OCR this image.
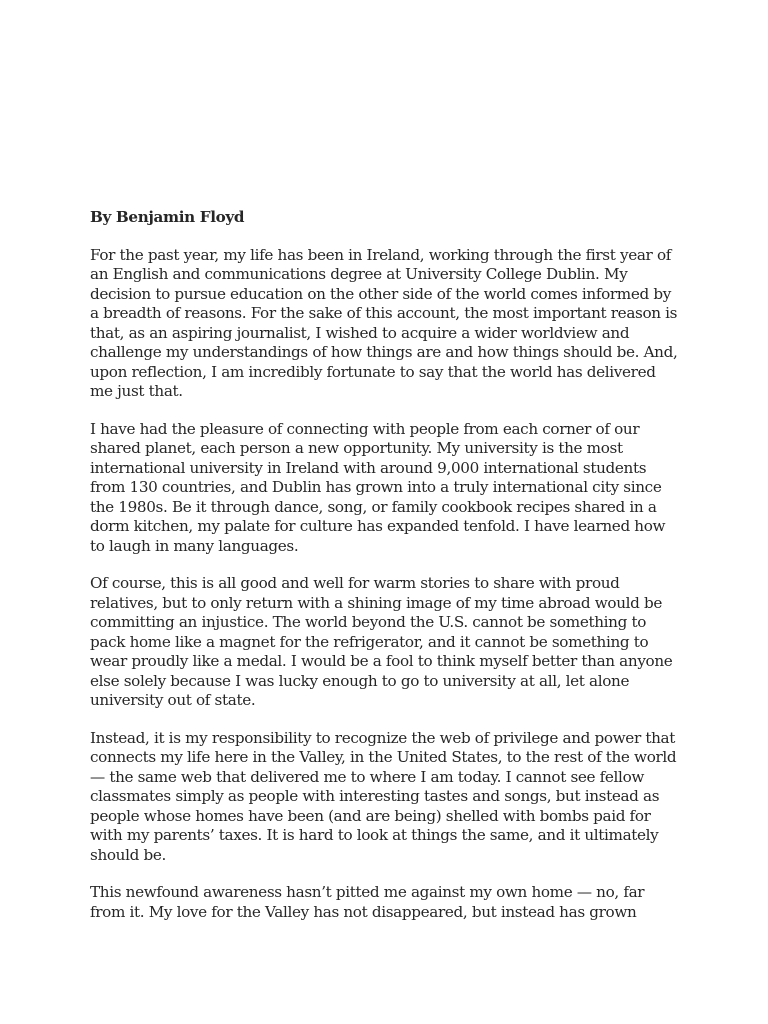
By Benjamin Floyd

For the past year, my life has been in Ireland, working through the first year of an English and communications degree at University College Dublin. My decision to pursue education on the other side of the world comes informed by a breadth of reasons. For the sake of this account, the most important reason is that, as an aspiring journalist, I wished to acquire a wider worldview and challenge my understandings of how things are and how things should be. And, upon reflection, I am incredibly fortunate to say that the world has delivered me just that.

I have had the pleasure of connecting with people from each corner of our shared planet, each person a new opportunity. My university is the most international university in Ireland with around 9,000 international students from 130 countries, and Dublin has grown into a truly international city since the 1980s. Be it through dance, song, or family cookbook recipes shared in a dorm kitchen, my palate for culture has expanded tenfold. I have learned how to laugh in many languages.

Of course, this is all good and well for warm stories to share with proud relatives, but to only return with a shining image of my time abroad would be committing an injustice. The world beyond the U.S. cannot be something to pack home like a magnet for the refrigerator, and it cannot be something to wear proudly like a medal. I would be a fool to think myself better than anyone else solely because I was lucky enough to go to university at all, let alone university out of state.

Instead, it is my responsibility to recognize the web of privilege and power that connects my life here in the Valley, in the United States, to the rest of the world — the same web that delivered me to where I am today. I cannot see fellow classmates simply as people with interesting tastes and songs, but instead as people whose homes have been (and are being) shelled with bombs paid for with my parents’ taxes. It is hard to look at things the same, and it ultimately should be.

This newfound awareness hasn’t pitted me against my own home — no, far from it. My love for the Valley has not disappeared, but instead has grown
